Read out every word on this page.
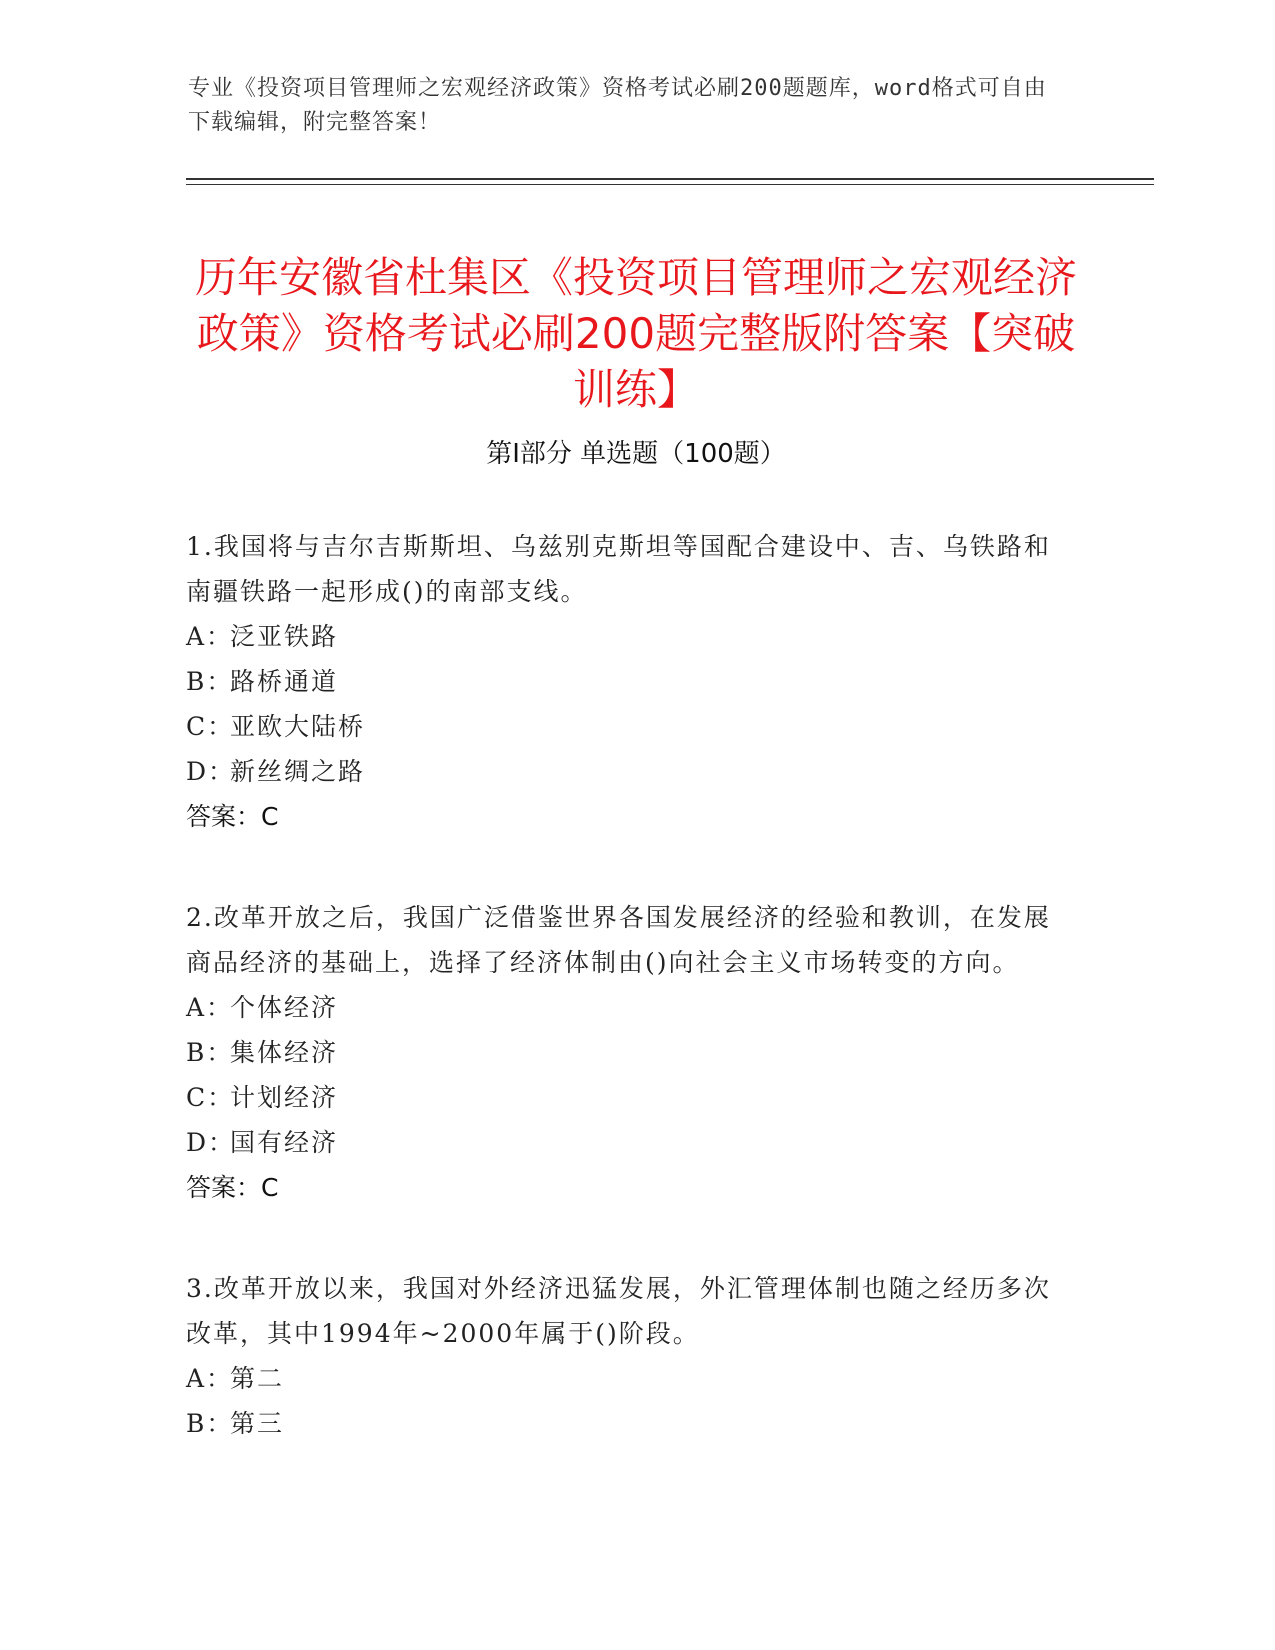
专业《投资项目管理师之宏观经济政策》资格考试必刷200题题库，word格式可自由下载编辑，附完整答案！
历年安徽省杜集区《投资项目管理师之宏观经济政策》资格考试必刷200题完整版附答案【突破训练】
第I部分 单选题（100题）
1.我国将与吉尔吉斯斯坦、乌兹别克斯坦等国配合建设中、吉、乌铁路和南疆铁路一起形成()的南部支线。
A：泛亚铁路
B：路桥通道
C：亚欧大陆桥
D：新丝绸之路
答案：C
2.改革开放之后，我国广泛借鉴世界各国发展经济的经验和教训，在发展商品经济的基础上，选择了经济体制由()向社会主义市场转变的方向。
A：个体经济
B：集体经济
C：计划经济
D：国有经济
答案：C
3.改革开放以来，我国对外经济迅猛发展，外汇管理体制也随之经历多次改革，其中1994年~2000年属于()阶段。
A：第二
B：第三
